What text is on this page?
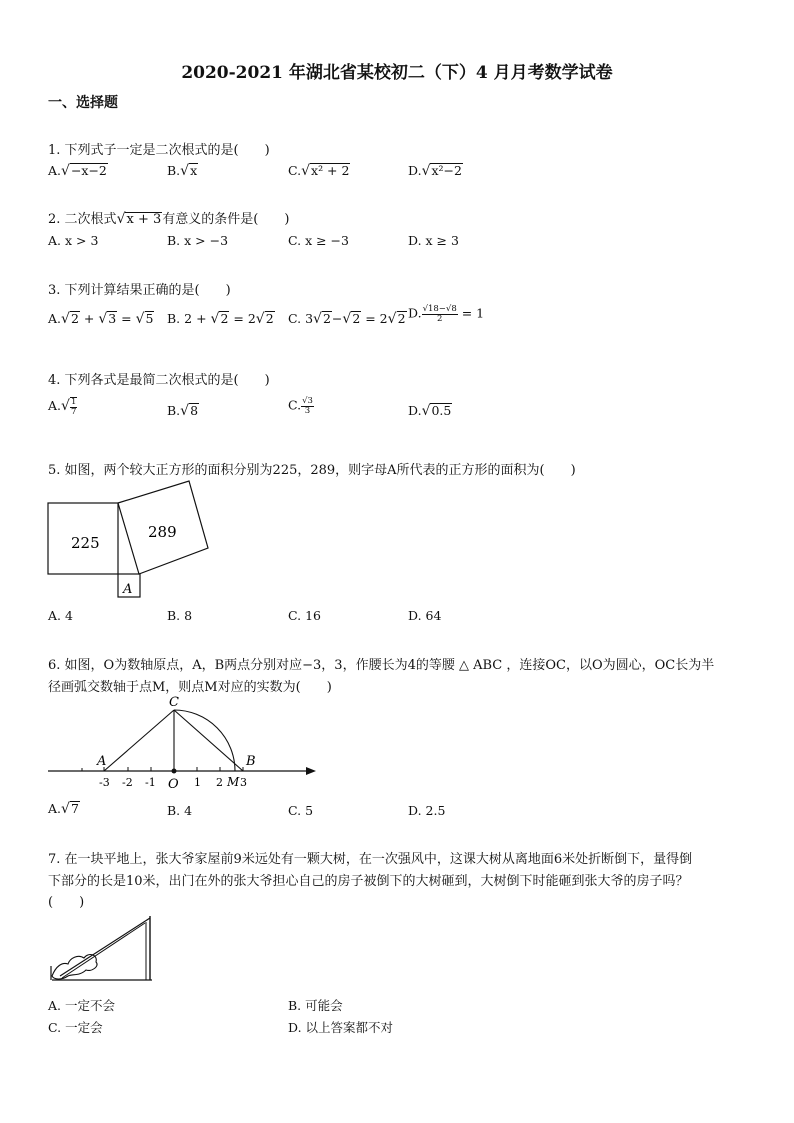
2020-2021 年湖北省某校初二（下）4 月月考数学试卷
一、选择题
1. 下列式子一定是二次根式的是(　　)
A.√−x−2	B.√x	C.√x² + 2	D.√x²−2
2. 二次根式√x + 3有意义的条件是(　　)
A. x > 3	B. x > −3	C. x ≥ −3	D. x ≥ 3
3. 下列计算结果正确的是(　　)
A.√2 + √3 = √5 B. 2 + √2 = 2√2 C. 3√2−√2 = 2√2 D. $\frac{√18-√8}{2} = 1$
4. 下列各式是最简二次根式的是(　　)
$A.√ \frac{1}{7}$	B.√8	C. $\frac{√3}{3}$	D.√0.5
5. 如图，两个较大正方形的面积分别为225，289，则字母A所代表的正方形的面积为(　　)
225
289
A
A. 4	B. 8	C. 16	D. 64
6. 如图，O为数轴原点，A，B两点分别对应−3，3，作腰长为4的等腰 △ ABC ，连接OC，以O为圆心，OC长为半
径画弧交数轴于点M，则点M对应的实数为(　　)
C
A	B
O	M
-3 -2 -1	1 2 3
A.√7	B. 4	C. 5	D. 2.5
7. 在一块平地上，张大爷家屋前9米远处有一颗大树，在一次强风中，这课大树从离地面6米处折断倒下，量得倒
下部分的长是10米，出门在外的张大爷担心自己的房子被倒下的大树砸到，大树倒下时能砸到张大爷的房子吗？
(　　)
A. 一定不会	B. 可能会
C. 一定会	D. 以上答案都不对
